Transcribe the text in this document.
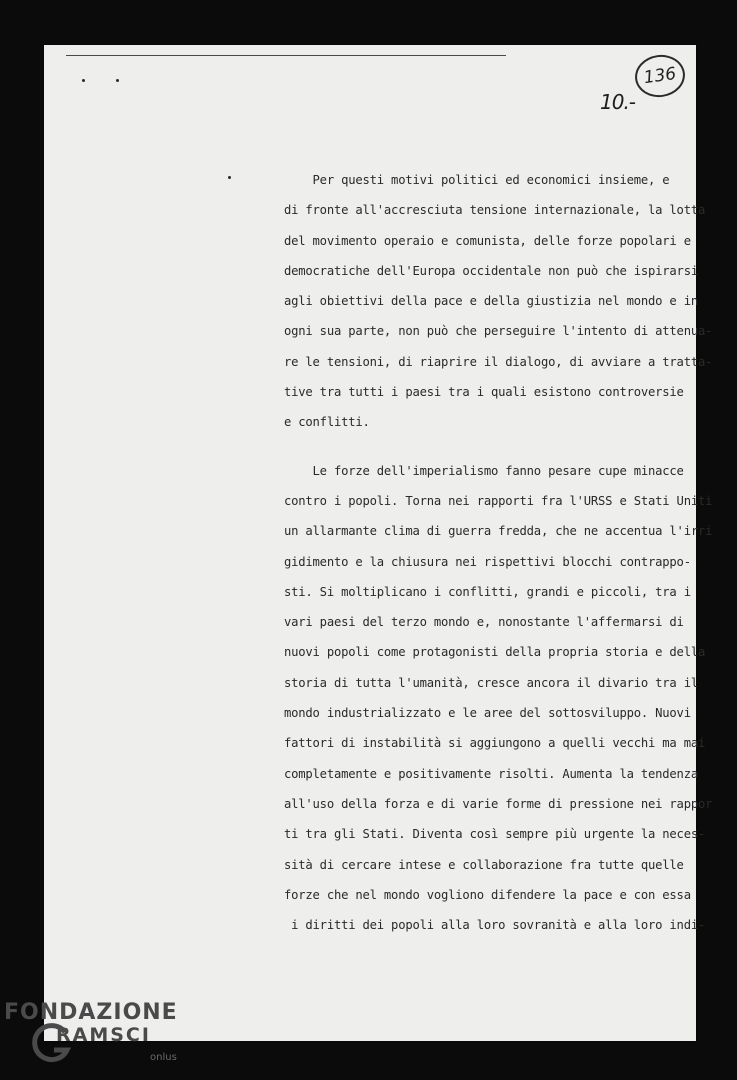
136
10.-
Per questi motivi politici ed economici insieme, e
di fronte all'accresciuta tensione internazionale, la lotta
del movimento operaio e comunista, delle forze popolari e
democratiche dell'Europa occidentale non può che ispirarsi
agli obiettivi della pace e della giustizia nel mondo e in
ogni sua parte, non può che perseguire l'intento di attenua-
re le tensioni, di riaprire il dialogo, di avviare a tratta-
tive tra tutti i paesi tra i quali esistono controversie
e conflitti.
Le forze dell'imperialismo fanno pesare cupe minacce
contro i popoli. Torna nei rapporti fra l'URSS e Stati Uniti
un allarmante clima di guerra fredda, che ne accentua l'irri
gidimento e la chiusura nei rispettivi blocchi contrappo-
sti. Si moltiplicano i conflitti, grandi e piccoli, tra i
vari paesi del terzo mondo e, nonostante l'affermarsi di
nuovi popoli come protagonisti della propria storia e della
storia di tutta l'umanità, cresce ancora il divario tra il
mondo industrializzato e le aree del sottosviluppo. Nuovi
fattori di instabilità si aggiungono a quelli vecchi ma mai
completamente e positivamente risolti. Aumenta la tendenza
all'uso della forza e di varie forme di pressione nei rappor
ti tra gli Stati. Diventa così sempre più urgente la neces-
sità di cercare intese e collaborazione fra tutte quelle
forze che nel mondo vogliono difendere la pace e con essa
i diritti dei popoli alla loro sovranità e alla loro indi-
FONDAZIONE
RAMSCI
onlus
